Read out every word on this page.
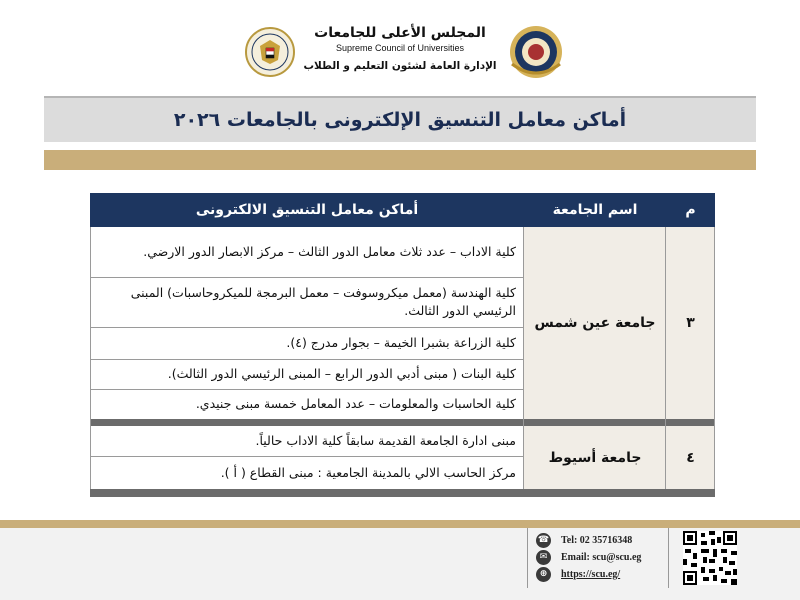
المجلس الأعلى للجامعات
Supreme Council of Universities
الإدارة العامة لشئون التعليم و الطلاب
أماكن معامل التنسيق الإلكترونى بالجامعات ٢٠٢٦
م
اسم الجامعة
أماكن معامل التنسيق الالكترونى
كلية الاداب – عدد ثلاث معامل الدور الثالث – مركز الابصار الدور الارضي.
كلية الهندسة (معمل ميكروسوفت – معمل البرمجة للميكروحاسبات) المبنى الرئيسي الدور الثالث.
كلية الزراعة بشبرا الخيمة – بجوار مدرج (٤).
كلية البنات ( مبنى أدبي الدور الرابع – المبنى الرئيسي الدور الثالث).
كلية الحاسبات والمعلومات – عدد المعامل خمسة مبنى جنيدي.
٣
جامعة عين شمس
مبنى ادارة الجامعة القديمة سابقاً كلية الاداب حالياً.
مركز الحاسب الالي بالمدينة الجامعية : مبنى القطاع ( أ ).
٤
جامعة أسيوط
☎ Tel: 02 35716348
✉	Email: scu@scu.eg
⊕	https://scu.eg/
